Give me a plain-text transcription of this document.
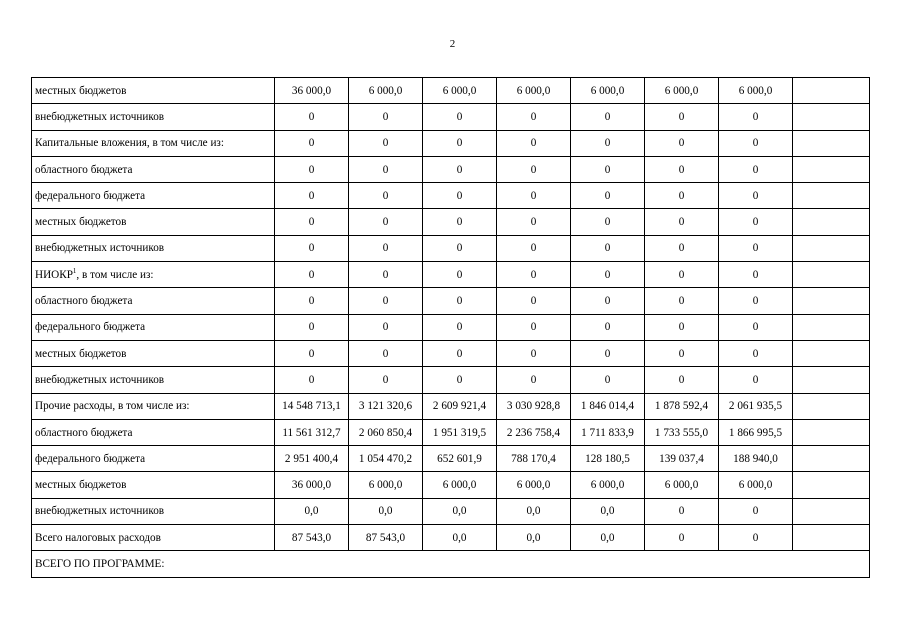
2
местных бюджетов	36 000,0	6 000,0	6 000,0	6 000,0	6 000,0	6 000,0	6 000,0	
внебюджетных источников	0	0	0	0	0	0	0	
Капитальные вложения, в том числе из:	0	0	0	0	0	0	0	
областного бюджета	0	0	0	0	0	0	0	
федерального бюджета	0	0	0	0	0	0	0	
местных бюджетов	0	0	0	0	0	0	0	
внебюджетных источников	0	0	0	0	0	0	0	
НИОКР$^1$, в том числе из:	0	0	0	0	0	0	0	
областного бюджета	0	0	0	0	0	0	0	
федерального бюджета	0	0	0	0	0	0	0	
местных бюджетов	0	0	0	0	0	0	0	
внебюджетных источников	0	0	0	0	0	0	0	
Прочие расходы, в том числе из:	14 548 713,1	3 121 320,6	2 609 921,4	3 030 928,8	1 846 014,4	1 878 592,4	2 061 935,5	
областного бюджета	11 561 312,7	2 060 850,4	1 951 319,5	2 236 758,4	1 711 833,9	1 733 555,0	1 866 995,5	
федерального бюджета	2 951 400,4	1 054 470,2	652 601,9	788 170,4	128 180,5	139 037,4	188 940,0	
местных бюджетов	36 000,0	6 000,0	6 000,0	6 000,0	6 000,0	6 000,0	6 000,0	
внебюджетных источников	0,0	0,0	0,0	0,0	0,0	0	0	
Всего налоговых расходов	87 543,0	87 543,0	0,0	0,0	0,0	0	0	
ВСЕГО ПО ПРОГРАММЕ:								
